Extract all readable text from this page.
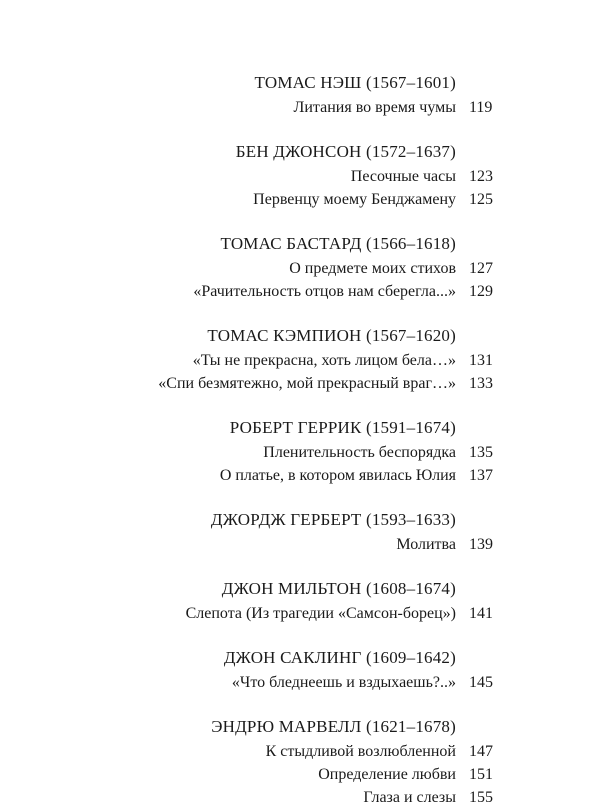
ТОМАС НЭШ (1567–1601)
Литания во время чумы 119
БЕН ДЖОНСОН (1572–1637)
Песочные часы 123
Первенцу моему Бенджамену 125
ТОМАС БАСТАРД (1566–1618)
О предмете моих стихов 127
«Рачительность отцов нам сберегла...» 129
ТОМАС КЭМПИОН (1567–1620)
«Ты не прекрасна, хоть лицом бела…» 131
«Спи безмятежно, мой прекрасный враг…» 133
РОБЕРТ ГЕРРИК (1591–1674)
Пленительность беспорядка 135
О платье, в котором явилась Юлия 137
ДЖОРДЖ ГЕРБЕРТ (1593–1633)
Молитва 139
ДЖОН МИЛЬТОН (1608–1674)
Слепота (Из трагедии «Самсон-борец») 141
ДЖОН САКЛИНГ (1609–1642)
«Что бледнеешь и вздыхаешь?..» 145
ЭНДРЮ МАРВЕЛЛ (1621–1678)
К стыдливой возлюбленной 147
Определение любви 151
Глаза и слезы 155
